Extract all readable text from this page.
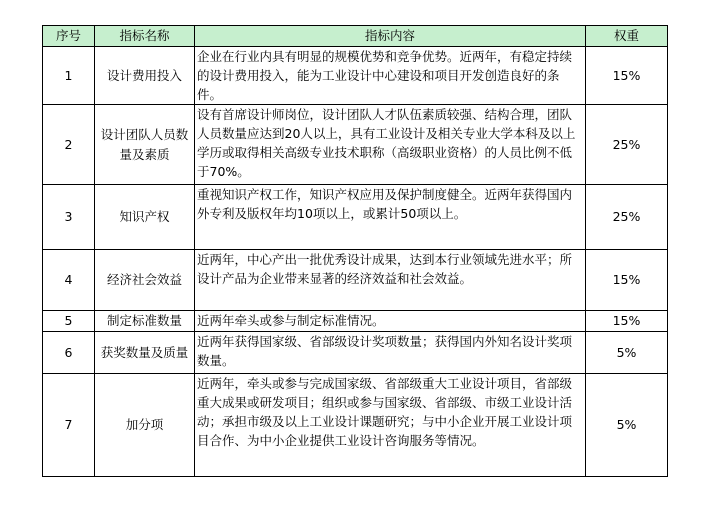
序号	指标名称	指标内容	权重
1	设计费用投入	企业在行业内具有明显的规模优势和竞争优势。近两年，有稳定持续的设计费用投入，能为工业设计中心建设和项目开发创造良好的条件。	15%
2	设计团队人员数量及素质	设有首席设计师岗位，设计团队人才队伍素质较强、结构合理，团队人员数量应达到20人以上，具有工业设计及相关专业大学本科及以上学历或取得相关高级专业技术职称（高级职业资格）的人员比例不低于70%。	25%
3	知识产权	重视知识产权工作，知识产权应用及保护制度健全。近两年获得国内外专利及版权年均10项以上，或累计50项以上。	25%
4	经济社会效益	近两年，中心产出一批优秀设计成果，达到本行业领域先进水平；所设计产品为企业带来显著的经济效益和社会效益。	15%
5	制定标准数量	近两年牵头或参与制定标准情况。	15%
6	获奖数量及质量	近两年获得国家级、省部级设计奖项数量；获得国内外知名设计奖项数量。	5%
7	加分项	近两年，牵头或参与完成国家级、省部级重大工业设计项目，省部级重大成果或研发项目；组织或参与国家级、省部级、市级工业设计活动；承担市级及以上工业设计课题研究；与中小企业开展工业设计项目合作、为中小企业提供工业设计咨询服务等情况。	5%
